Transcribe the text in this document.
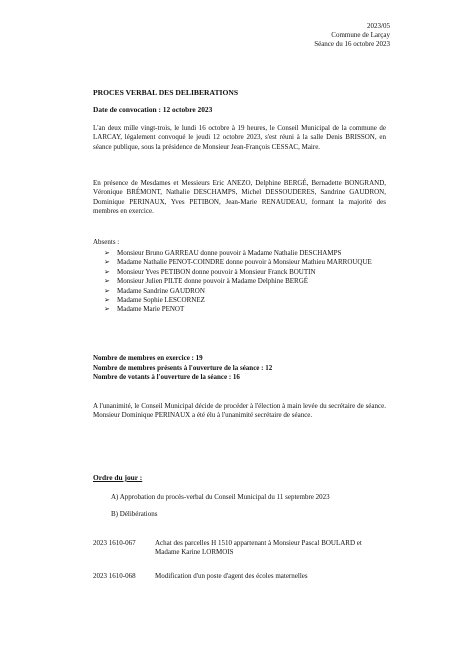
2023/05
Commune de Larçay
Séance du 16 octobre 2023
PROCES VERBAL DES DELIBERATIONS
Date de convocation : 12 octobre 2023
L'an deux mille vingt-trois, le lundi 16 octobre à 19 heures, le Conseil Municipal de la commune de LARCAY, légalement convoqué le jeudi 12 octobre 2023, s'est réuni à la salle Denis BRISSON, en séance publique, sous la présidence de Monsieur Jean-François CESSAC, Maire.
En présence de Mesdames et Messieurs Eric ANEZO, Delphine BERGÉ, Bernadette BONGRAND, Véronique BRÉMONT, Nathalie DESCHAMPS, Michel DESSOUDERES, Sandrine GAUDRON, Dominique PERINAUX, Yves PETIBON, Jean-Marie RENAUDEAU, formant la majorité des membres en exercice.
Absents :
➢ Monsieur Bruno GARREAU donne pouvoir à Madame Nathalie DESCHAMPS
➢ Madame Nathalie PENOT-COINDRE donne pouvoir à Monsieur Mathieu MARROUQUE
➢ Monsieur Yves PETIBON donne pouvoir à Monsieur Franck BOUTIN
➢ Monsieur Julien PILTE donne pouvoir à Madame Delphine BERGÉ
➢ Madame Sandrine GAUDRON
➢ Madame Sophie LESCORNEZ
➢ Madame Marie PENOT
Nombre de membres en exercice : 19
Nombre de membres présents à l'ouverture de la séance : 12
Nombre de votants à l'ouverture de la séance : 16
A l'unanimité, le Conseil Municipal décide de procéder à l'élection à main levée du secrétaire de séance. Monsieur Dominique PERINAUX a été élu à l'unanimité secrétaire de séance.
Ordre du jour :
A) Approbation du procès-verbal du Conseil Municipal du 11 septembre 2023
B) Délibérations
2023 1610-067	Achat des parcelles H 1510 appartenant à Monsieur Pascal BOULARD et Madame Karine LORMOIS
2023 1610-068	Modification d'un poste d'agent des écoles maternelles
